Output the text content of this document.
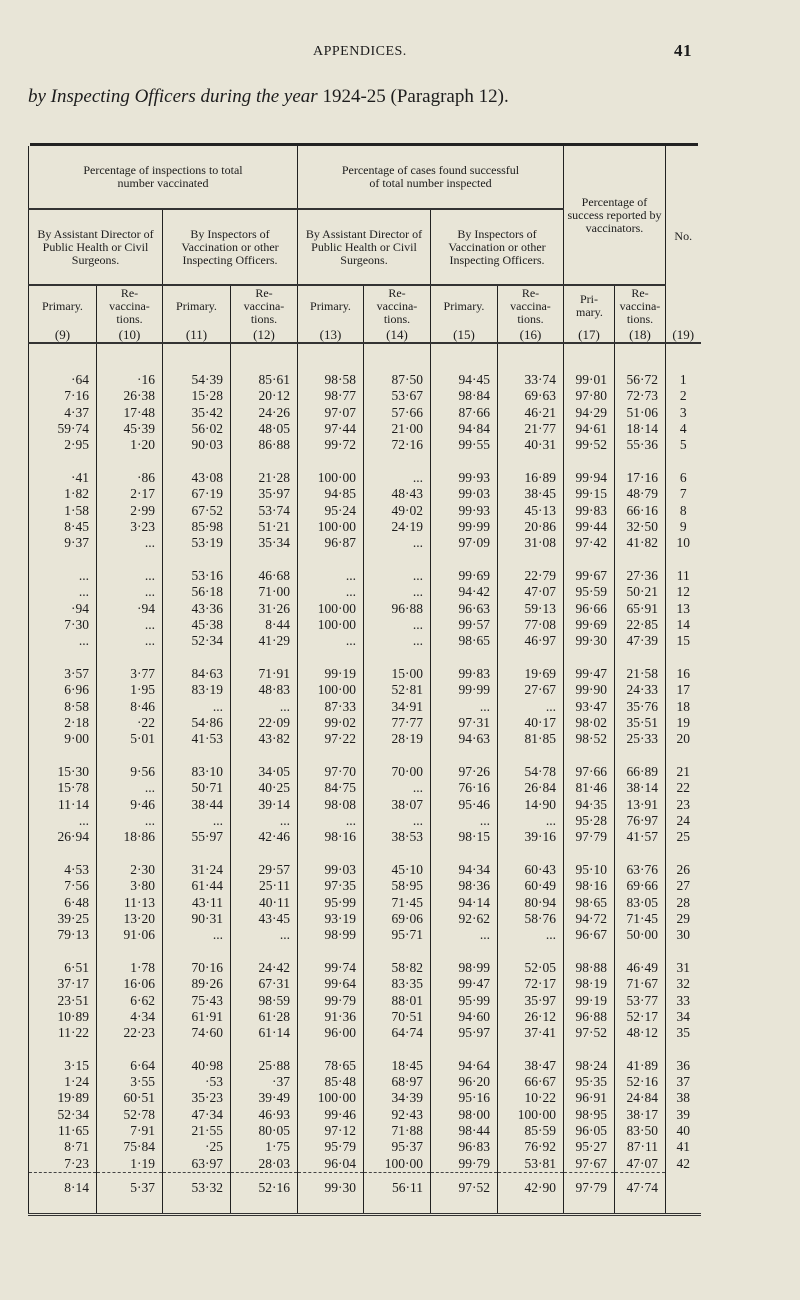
APPENDICES.	41
by Inspecting Officers during the year 1924-25 (Paragraph 12).
Percentage of inspections to total number vaccinated				Percentage of cases found successful of total number inspected				Percentage of success reported by vaccinators.		No.
By Assistant Director of Public Health or Civil Surgeons.		By Inspectors of Vaccination or other Inspecting Officers.		By Assistant Director of Public Health or Civil Surgeons.		By Inspectors of Vaccination or other Inspecting Officers.				
Primary.	Re-vaccina-tions.	Primary.	Re-vaccina-tions.	Primary.	Re-vaccina-tions.	Primary.	Re-vaccina-tions.	Pri-mary.	Re-vaccina-tions.	
(9)	(10)	(11)	(12)	(13)	(14)	(15)	(16)	(17)	(18)	(19)

·64	·16	54·39	85·61	98·58	87·50	94·45	33·74	99·01	56·72	1
7·16	26·38	15·28	20·12	98·77	53·67	98·84	69·63	97·80	72·73	2
4·37	17·48	35·42	24·26	97·07	57·66	87·66	46·21	94·29	51·06	3
59·74	45·39	56·02	48·05	97·44	21·00	94·84	21·77	94·61	18·14	4
2·95	1·20	90·03	86·88	99·72	72·16	99·55	40·31	99·52	55·36	5

·41	·86	43·08	21·28	100·00	...	99·93	16·89	99·94	17·16	6
1·82	2·17	67·19	35·97	94·85	48·43	99·03	38·45	99·15	48·79	7
1·58	2·99	67·52	53·74	95·24	49·02	99·93	45·13	99·83	66·16	8
8·45	3·23	85·98	51·21	100·00	24·19	99·99	20·86	99·44	32·50	9
9·37	...	53·19	35·34	96·87	...	97·09	31·08	97·42	41·82	10

...	...	53·16	46·68	...	...	99·69	22·79	99·67	27·36	11
...	...	56·18	71·00	...	...	94·42	47·07	95·59	50·21	12
·94	·94	43·36	31·26	100·00	96·88	96·63	59·13	96·66	65·91	13
7·30	...	45·38	8·44	100·00	...	99·57	77·08	99·69	22·85	14
...	...	52·34	41·29	...	...	98·65	46·97	99·30	47·39	15

3·57	3·77	84·63	71·91	99·19	15·00	99·83	19·69	99·47	21·58	16
6·96	1·95	83·19	48·83	100·00	52·81	99·99	27·67	99·90	24·33	17
8·58	8·46	...	...	87·33	34·91	...	...	93·47	35·76	18
2·18	·22	54·86	22·09	99·02	77·77	97·31	40·17	98·02	35·51	19
9·00	5·01	41·53	43·82	97·22	28·19	94·63	81·85	98·52	25·33	20

15·30	9·56	83·10	34·05	97·70	70·00	97·26	54·78	97·66	66·89	21
15·78	...	50·71	40·25	84·75	...	76·16	26·84	81·46	38·14	22
11·14	9·46	38·44	39·14	98·08	38·07	95·46	14·90	94·35	13·91	23
...	...	...	...	...	...	...	...	95·28	76·97	24
26·94	18·86	55·97	42·46	98·16	38·53	98·15	39·16	97·79	41·57	25

4·53	2·30	31·24	29·57	99·03	45·10	94·34	60·43	95·10	63·76	26
7·56	3·80	61·44	25·11	97·35	58·95	98·36	60·49	98·16	69·66	27
6·48	11·13	43·11	40·11	95·99	71·45	94·14	80·94	98·65	83·05	28
39·25	13·20	90·31	43·45	93·19	69·06	92·62	58·76	94·72	71·45	29
79·13	91·06	...	...	98·99	95·71	...	...	96·67	50·00	30

6·51	1·78	70·16	24·42	99·74	58·82	98·99	52·05	98·88	46·49	31
37·17	16·06	89·26	67·31	99·64	83·35	99·47	72·17	98·19	71·67	32
23·51	6·62	75·43	98·59	99·79	88·01	95·99	35·97	99·19	53·77	33
10·89	4·34	61·91	61·28	91·36	70·51	94·60	26·12	96·88	52·17	34
11·22	22·23	74·60	61·14	96·00	64·74	95·97	37·41	97·52	48·12	35

3·15	6·64	40·98	25·88	78·65	18·45	94·64	38·47	98·24	41·89	36
1·24	3·55	·53	·37	85·48	68·97	96·20	66·67	95·35	52·16	37
19·89	60·51	35·23	39·49	100·00	34·39	95·16	10·22	96·91	24·84	38
52·34	52·78	47·34	46·93	99·46	92·43	98·00	100·00	98·95	38·17	39
11·65	7·91	21·55	80·05	97·12	71·88	98·44	85·59	96·05	83·50	40
8·71	75·84	·25	1·75	95·79	95·37	96·83	76·92	95·27	87·11	41
7·23	1·19	63·97	28·03	96·04	100·00	99·79	53·81	97·67	47·07	42
8·14	5·37	53·32	52·16	99·30	56·11	97·52	42·90	97·79	47·74	
